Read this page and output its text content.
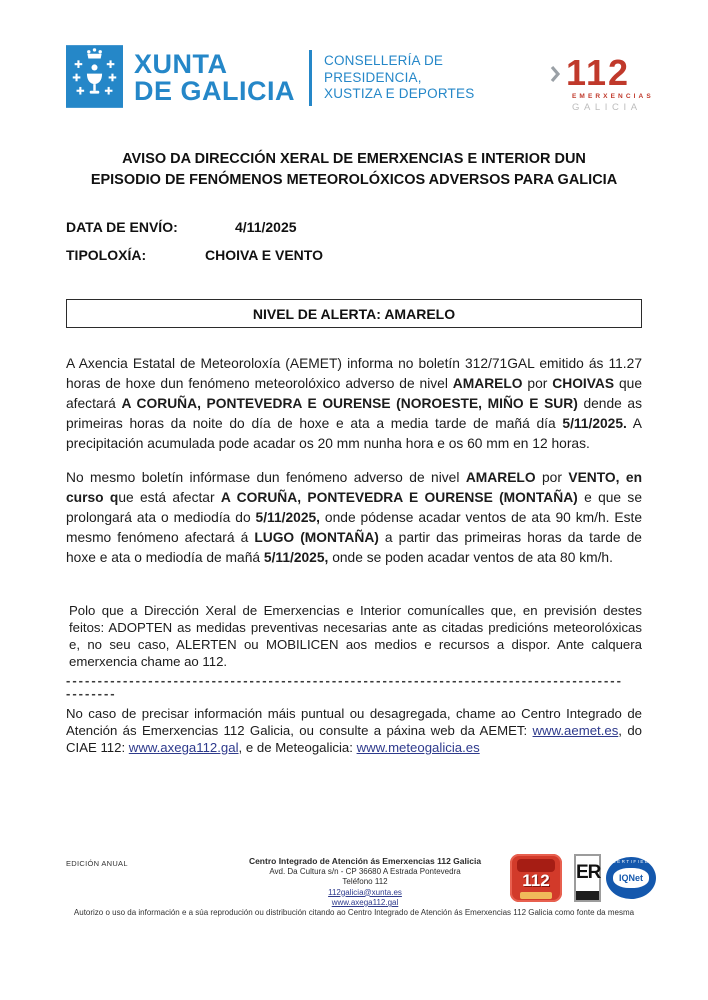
XUNTA
DE GALICIA
CONSELLERÍA DE
PRESIDENCIA,
XUSTIZA E DEPORTES
112
EMERXENCIAS
GALICIA
AVISO DA DIRECCIÓN XERAL DE EMERXENCIAS E INTERIOR DUN
EPISODIO DE FENÓMENOS METEOROLÓXICOS ADVERSOS PARA GALICIA
DATA DE ENVÍO:	4/11/2025
TIPOLOXÍA:	CHOIVA E VENTO
NIVEL DE ALERTA: AMARELO

A Axencia Estatal de Meteoroloxía (AEMET) informa no boletín 312/71GAL emitido ás 11.27 horas de hoxe dun fenómeno meteorolóxico adverso de nivel AMARELO por CHOIVAS que afectará A CORUÑA, PONTEVEDRA E OURENSE (NOROESTE, MIÑO E SUR) dende as primeiras horas da noite do día de hoxe e ata a media tarde de mañá día 5/11/2025. A precipitación acumulada pode acadar os 20 mm nunha hora e os 60 mm en 12 horas.

No mesmo boletín infórmase dun fenómeno adverso de nivel AMARELO por VENTO, en curso que está afectar A CORUÑA, PONTEVEDRA E OURENSE (MONTAÑA) e que se prolongará ata o mediodía do 5/11/2025, onde pódense acadar ventos de ata 90 km/h. Este mesmo fenómeno afectará á LUGO (MONTAÑA) a partir das primeiras horas da tarde de hoxe e ata o mediodía de mañá 5/11/2025, onde se poden acadar ventos de ata 80 km/h.

Polo que a Dirección Xeral de Emerxencias e Interior comunícalles que, en previsión destes feitos: ADOPTEN as medidas preventivas necesarias ante as citadas predicións meteorolóxicas e, no seu caso, ALERTEN ou MOBILICEN aos medios e recursos a dispor. Ante calquera emerxencia chame ao 112.

----------------------------------------------------------------------------------------
--------

No caso de precisar información máis puntual ou desagregada, chame ao Centro Integrado de Atención ás Emerxencias 112 Galicia, ou consulte a páxina web da AEMET: www.aemet.es, do CIAE 112: www.axega112.gal, e de Meteogalicia: www.meteogalicia.es

EDICIÓN ANUAL	Centro Integrado de Atención ás Emerxencias 112 Galicia
Avd. Da Cultura s/n - CP 36680 A Estrada Pontevedra
Teléfono 112
112galicia@xunta.es
www.axega112.gal
112	ER
CERTIFIED
IQNet
Autorizo o uso da información e a súa reprodución ou distribución citando ao Centro Integrado de Atención ás Emerxencias 112 Galicia como fonte da mesma
